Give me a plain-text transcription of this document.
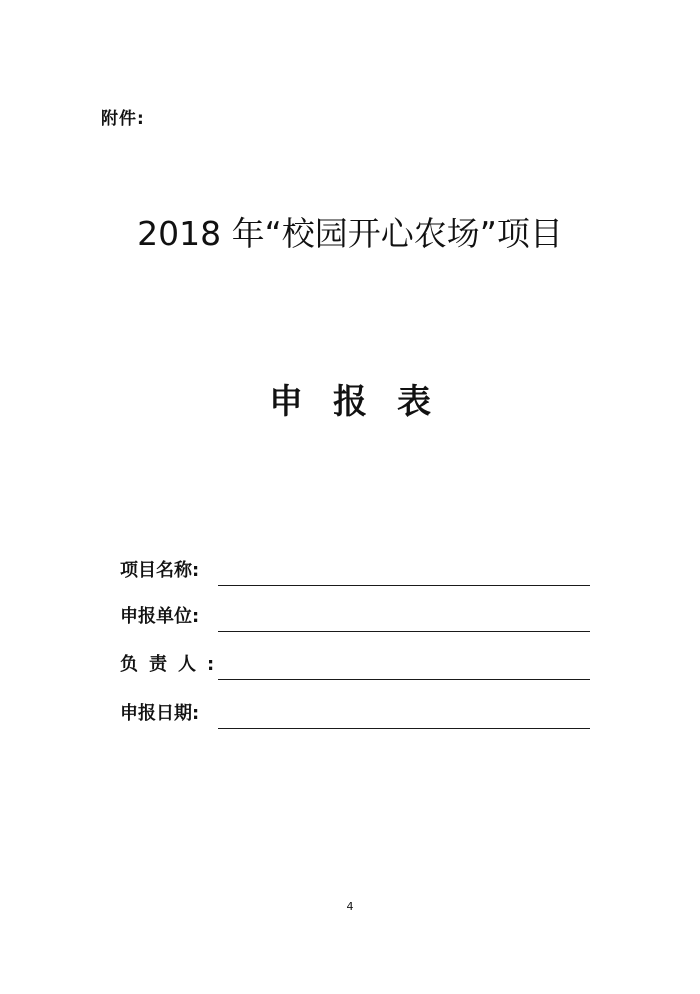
附件:
2018 年“校园开心农场”项目
申报表
项目名称:
申报单位:
负责人:
申报日期:
4
